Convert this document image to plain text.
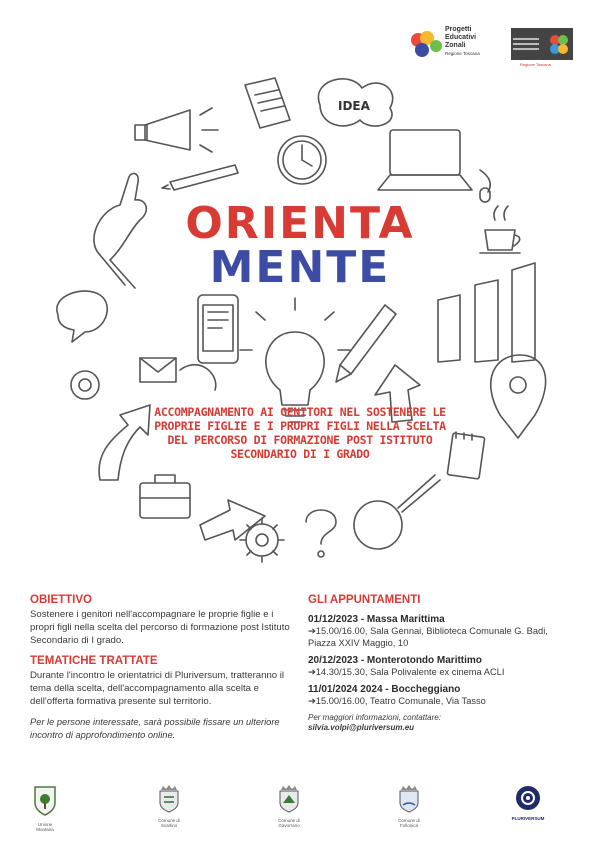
Progetti
Educativi
Zonali
Regione Toscana
Regione Toscana
IDEA
ORIENTA
MENTE
ACCOMPAGNAMENTO AI GENITORI NEL SOSTENERE LE PROPRIE FIGLIE E I PROPRI FIGLI NELLA SCELTA DEL PERCORSO DI FORMAZIONE POST ISTITUTO SECONDARIO DI I GRADO
OBIETTIVO
Sostenere i genitori nell'accompagnare le proprie figlie e i propri figli nella scelta del percorso di formazione post Istituto Secondario di I grado.
TEMATICHE TRATTATE
Durante l'incontro le orientatrici di Pluriversum, tratteranno il tema della scelta, dell'accompagnamento alla scelta e dell'offerta formativa presente sul territorio.
Per le persone interessate, sarà possibile fissare un ulteriore incontro di approfondimento online.
GLI APPUNTAMENTI
01/12/2023 - Massa Marittima
➔15.00/16.00, Sala Gennai, Biblioteca Comunale G. Badi, Piazza XXIV Maggio, 10
20/12/2023 - Monterotondo Marittimo
➔14.30/15.30, Sala Polivalente ex cinema ACLI
11/01/2024 2024 - Boccheggiano
➔15.00/16.00, Teatro Comunale, Via Tasso
Per maggiori informazioni, contattare:
silvia.volpi@pluriversum.eu
Unione Montana
Comune di Scarlino
Comune di Gavorrano
Comune di Follonica
PLURIVERSUM
